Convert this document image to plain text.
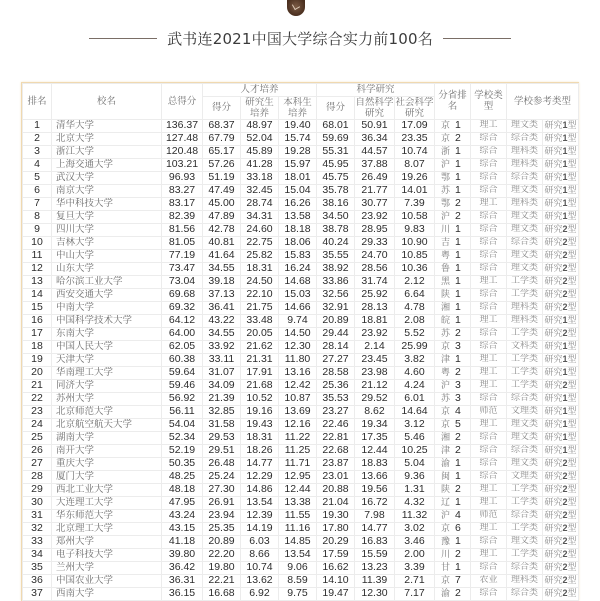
武书连2021中国大学综合实力前100名
排名	校名	总得分	人才培养			科学研究			分省排名	学校类型	学校参考类型	
			得分	研究生培养	本科生培养	得分	自然科学研究	社会科学研究				
1	清华大学	136.37	68.37	48.97	19.40	68.01	50.91	17.09	京 1	理工	理文类	研究1型
2	北京大学	127.48	67.79	52.04	15.74	59.69	36.34	23.35	京 2	综合	综合类	研究1型
3	浙江大学	120.48	65.17	45.89	19.28	55.31	44.57	10.74	浙 1	综合	理科类	研究1型
4	上海交通大学	103.21	57.26	41.28	15.97	45.95	37.88	8.07	沪 1	综合	理科类	研究1型
5	武汉大学	96.93	51.19	33.18	18.01	45.75	26.49	19.26	鄂 1	综合	综合类	研究1型
6	南京大学	83.27	47.49	32.45	15.04	35.78	21.77	14.01	苏 1	综合	理文类	研究1型
7	华中科技大学	83.17	45.00	28.74	16.26	38.16	30.77	7.39	鄂 2	理工	理科类	研究1型
8	复旦大学	82.39	47.89	34.31	13.58	34.50	23.92	10.58	沪 2	综合	理文类	研究1型
9	四川大学	81.56	42.78	24.60	18.18	38.78	28.95	9.83	川 1	综合	理文类	研究2型
10	吉林大学	81.05	40.81	22.75	18.06	40.24	29.33	10.90	吉 1	综合	综合类	研究2型
11	中山大学	77.19	41.64	25.82	15.83	35.55	24.70	10.85	粤 1	综合	理文类	研究2型
12	山东大学	73.47	34.55	18.31	16.24	38.92	28.56	10.36	鲁 1	综合	理文类	研究2型
13	哈尔滨工业大学	73.04	39.18	24.50	14.68	33.86	31.74	2.12	黑 1	理工	工学类	研究2型
14	西安交通大学	69.68	37.13	22.10	15.03	32.56	25.92	6.64	陕 1	综合	工学类	研究2型
15	中南大学	69.32	36.41	21.75	14.66	32.91	28.13	4.78	湘 1	综合	理科类	研究2型
16	中国科学技术大学	64.12	43.22	33.48	9.74	20.89	18.81	2.08	皖 1	理工	理科类	研究1型
17	东南大学	64.00	34.55	20.05	14.50	29.44	23.92	5.52	苏 2	综合	工学类	研究2型
18	中国人民大学	62.05	33.92	21.62	12.30	28.14	2.14	25.99	京 3	综合	文科类	研究1型
19	天津大学	60.38	33.11	21.31	11.80	27.27	23.45	3.82	津 1	理工	工学类	研究1型
20	华南理工大学	59.64	31.07	17.91	13.16	28.58	23.98	4.60	粤 2	理工	工学类	研究1型
21	同济大学	59.46	34.09	21.68	12.42	25.36	21.12	4.24	沪 3	理工	工学类	研究2型
22	苏州大学	56.92	21.39	10.52	10.87	35.53	29.52	6.01	苏 3	综合	综合类	研究1型
23	北京师范大学	56.11	32.85	19.16	13.69	23.27	8.62	14.64	京 4	师范	文理类	研究1型
24	北京航空航天大学	54.04	31.58	19.43	12.16	22.46	19.34	3.12	京 5	理工	理文类	研究1型
25	湖南大学	52.34	29.53	18.31	11.22	22.81	17.35	5.46	湘 2	综合	理文类	研究1型
26	南开大学	52.19	29.51	18.26	11.25	22.68	12.44	10.25	津 2	综合	综合类	研究1型
27	重庆大学	50.35	26.48	14.77	11.71	23.87	18.83	5.04	渝 1	综合	理文类	研究2型
28	厦门大学	48.25	25.24	12.29	12.95	23.01	13.66	9.36	闽 1	综合	文理类	研究2型
29	西北工业大学	48.18	27.30	14.86	12.44	20.88	19.56	1.31	陕 2	理工	工学类	研究2型
30	大连理工大学	47.95	26.91	13.54	13.38	21.04	16.72	4.32	辽 1	理工	工学类	研究2型
31	华东师范大学	43.24	23.94	12.39	11.55	19.30	7.98	11.32	沪 4	师范	综合类	研究2型
32	北京理工大学	43.15	25.35	14.19	11.16	17.80	14.77	3.02	京 6	理工	工学类	研究2型
33	郑州大学	41.18	20.89	6.03	14.85	20.29	16.83	3.46	豫 1	综合	理文类	研究2型
34	电子科技大学	39.80	22.20	8.66	13.54	17.59	15.59	2.00	川 2	理工	工学类	研究2型
35	兰州大学	36.42	19.80	10.74	9.06	16.62	13.23	3.39	甘 1	综合	综合类	研究2型
36	中国农业大学	36.31	22.21	13.62	8.59	14.10	11.39	2.71	京 7	农业	理科类	研究2型
37	西南大学	36.15	16.68	6.92	9.75	19.47	12.30	7.17	渝 2	综合	综合类	研究2型
